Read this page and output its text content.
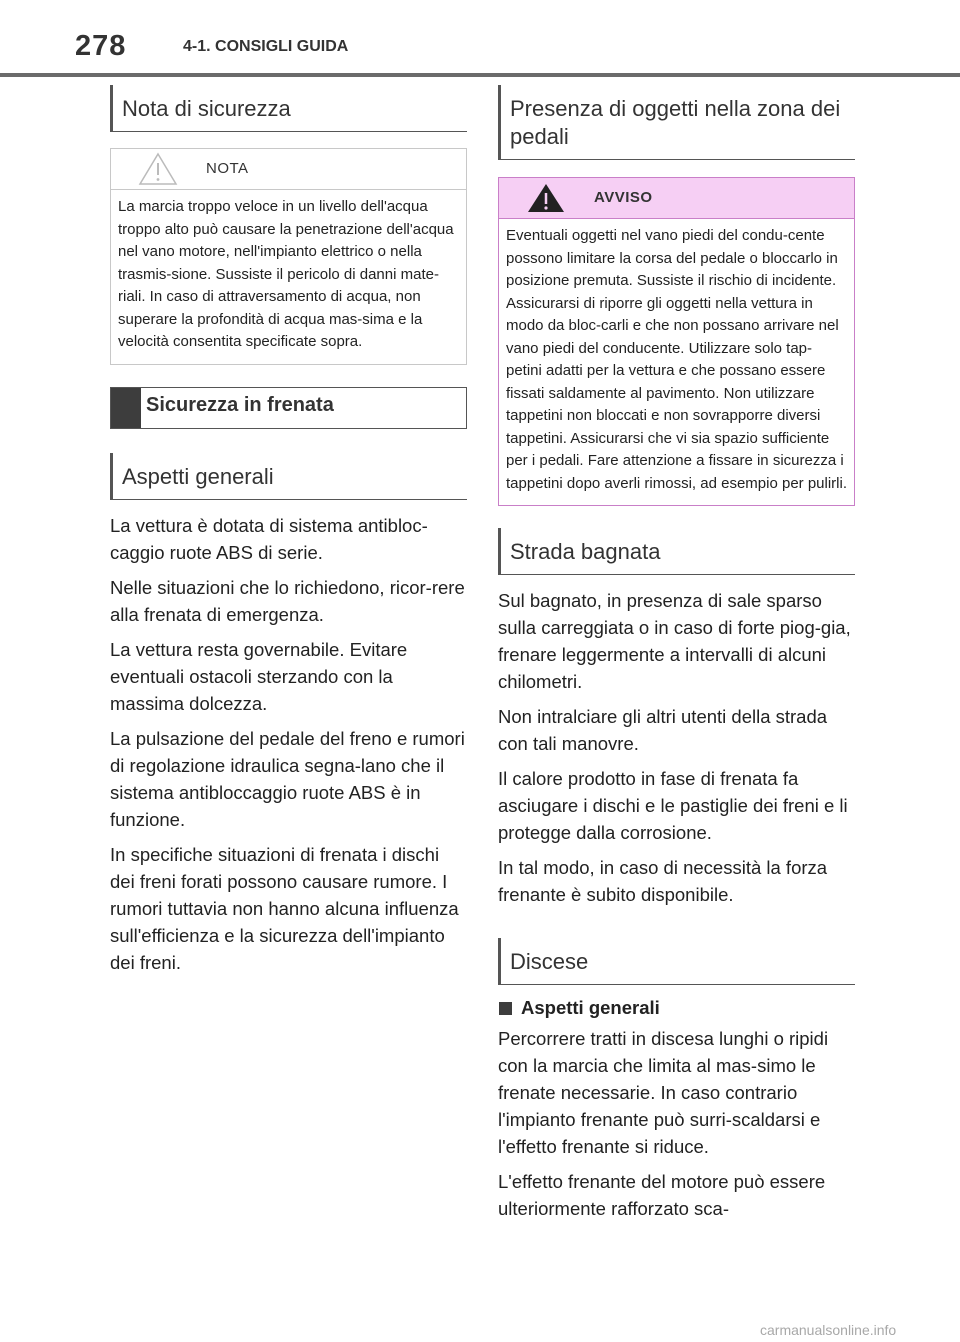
278	4-1. CONSIGLI GUIDA
Nota di sicurezza
NOTA
La marcia troppo veloce in un livello dell'acqua troppo alto può causare la penetrazione dell'acqua nel vano motore, nell'impianto elettrico o nella trasmis-sione. Sussiste il pericolo di danni mate-riali. In caso di attraversamento di acqua, non superare la profondità di acqua mas-sima e la velocità consentita specificate sopra.
Sicurezza in frenata
Aspetti generali

La vettura è dotata di sistema antibloc-caggio ruote ABS di serie.

Nelle situazioni che lo richiedono, ricor-rere alla frenata di emergenza.

La vettura resta governabile. Evitare eventuali ostacoli sterzando con la massima dolcezza.

La pulsazione del pedale del freno e rumori di regolazione idraulica segna-lano che il sistema antibloccaggio ruote ABS è in funzione.

In specifiche situazioni di frenata i dischi dei freni forati possono causare rumore. I rumori tuttavia non hanno alcuna influenza sull'efficienza e la sicurezza dell'impianto dei freni.

Presenza di oggetti nella zona dei pedali
AVVISO
Eventuali oggetti nel vano piedi del condu-cente possono limitare la corsa del pedale o bloccarlo in posizione premuta. Sussiste il rischio di incidente. Assicurarsi di riporre gli oggetti nella vettura in modo da bloc-carli e che non possano arrivare nel vano piedi del conducente. Utilizzare solo tap-petini adatti per la vettura e che possano essere fissati saldamente al pavimento. Non utilizzare tappetini non bloccati e non sovrapporre diversi tappetini. Assicurarsi che vi sia spazio sufficiente per i pedali. Fare attenzione a fissare in sicurezza i tappetini dopo averli rimossi, ad esempio per pulirli.
Strada bagnata

Sul bagnato, in presenza di sale sparso sulla carreggiata o in caso di forte piog-gia, frenare leggermente a intervalli di alcuni chilometri.

Non intralciare gli altri utenti della strada con tali manovre.

Il calore prodotto in fase di frenata fa asciugare i dischi e le pastiglie dei freni e li protegge dalla corrosione.

In tal modo, in caso di necessità la forza frenante è subito disponibile.

Discese
Aspetti generali

Percorrere tratti in discesa lunghi o ripidi con la marcia che limita al mas-simo le frenate necessarie. In caso contrario l'impianto frenante può surri-scaldarsi e l'effetto frenante si riduce.

L'effetto frenante del motore può essere ulteriormente rafforzato sca-

carmanualsonline.info
